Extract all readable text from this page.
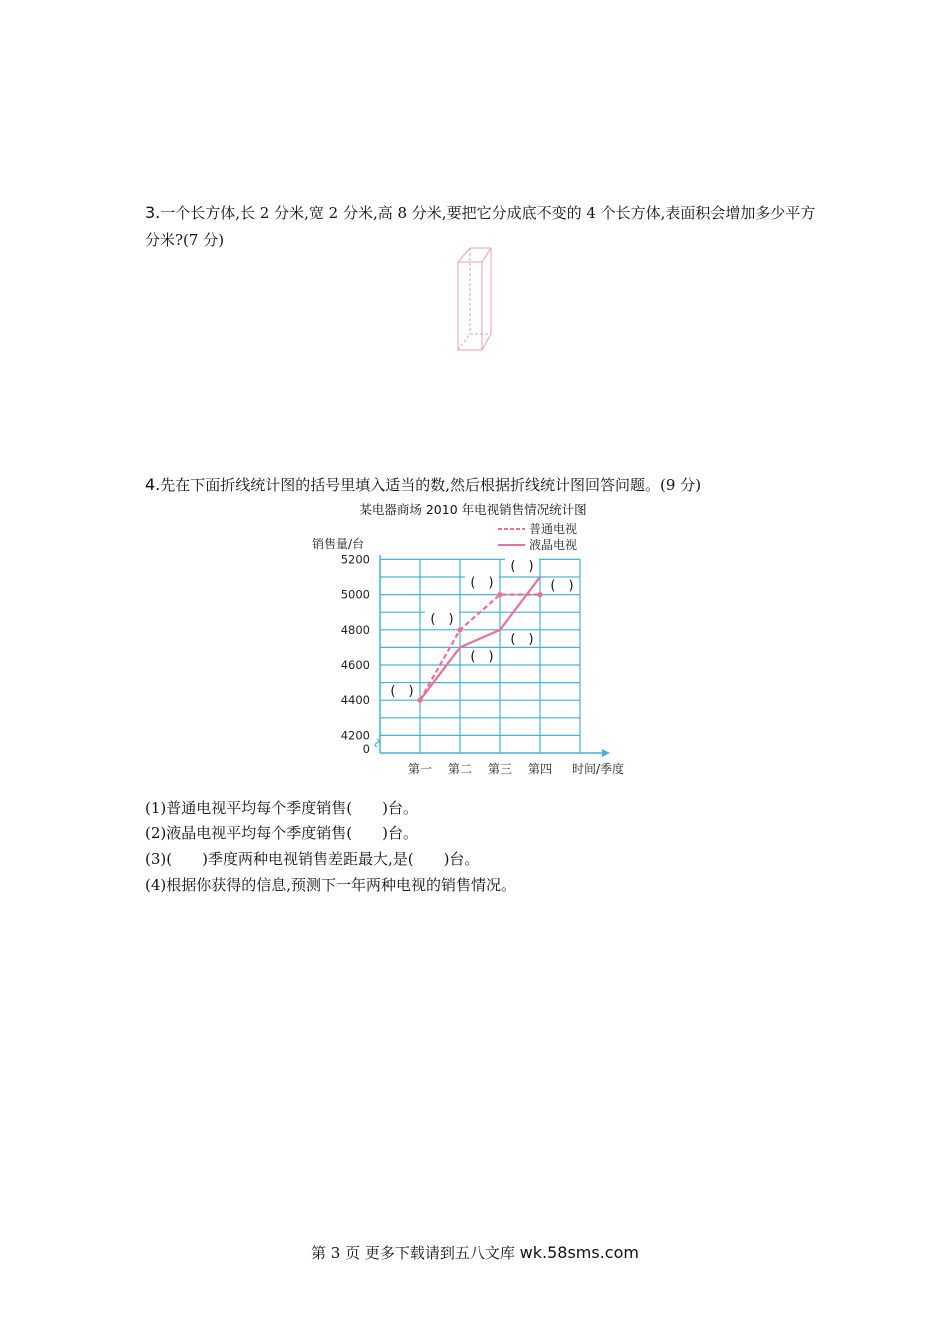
3.一个长方体,长 2 分米,宽 2 分米,高 8 分米,要把它分成底不变的 4 个长方体,表面积会增加多少平方分米?(7 分)
4.先在下面折线统计图的括号里填入适当的数,然后根据折线统计图回答问题。(9 分)
某电器商场 2010 年电视销售情况统计图
销售量/台
时间/季度
普通电视
液晶电视
5200
5000
4800
4600
4400
4200
0
第一 第二 第三 第四
(　)
(　)
(　)
(　)
(　)
(　)
(　)
(1)普通电视平均每个季度销售(　　)台。
(2)液晶电视平均每个季度销售(　　)台。
(3)(　　)季度两种电视销售差距最大,是(　　)台。
(4)根据你获得的信息,预测下一年两种电视的销售情况。
第 3 页 更多下载请到五八文库 wk.58sms.com
